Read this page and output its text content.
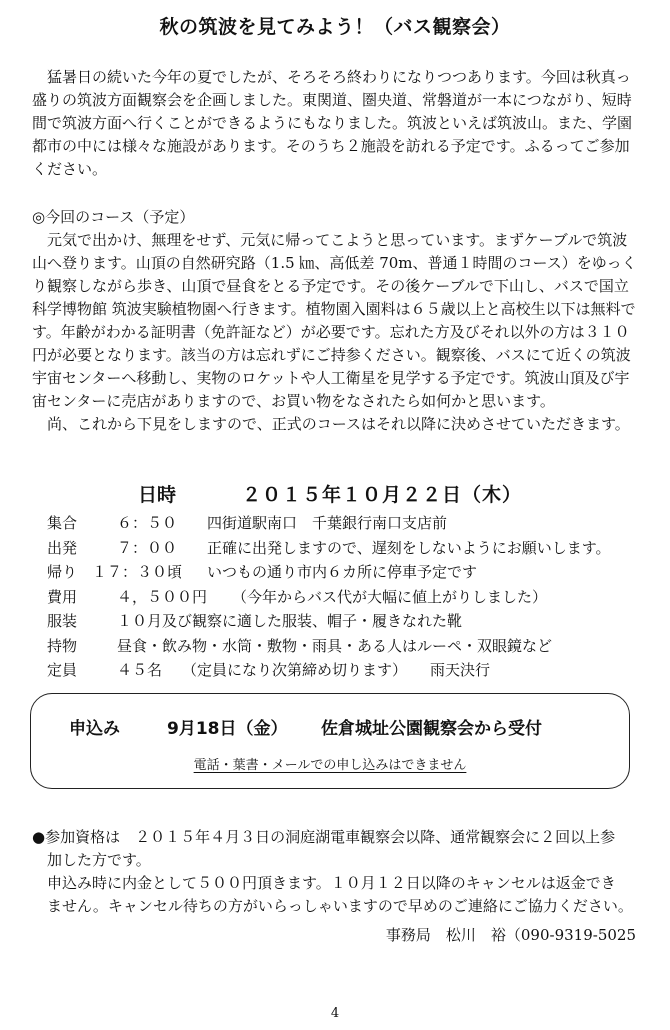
秋の筑波を見てみよう！（バス観察会）

猛暑日の続いた今年の夏でしたが、そろそろ終わりになりつつあります。今回は秋真っ

盛りの筑波方面観察会を企画しました。東関道、圏央道、常磐道が一本につながり、短時

間で筑波方面へ行くことができるようにもなりました。筑波といえば筑波山。また、学園

都市の中には様々な施設があります。そのうち２施設を訪れる予定です。ふるってご参加

ください。

◎今回のコース（予定）

元気で出かけ、無理をせず、元気に帰ってこようと思っています。まずケーブルで筑波

山へ登ります。山頂の自然研究路（1.5 ㎞、高低差 70m、普通１時間のコース）をゆっく

り観察しながら歩き、山頂で昼食をとる予定です。その後ケーブルで下山し、バスで国立

科学博物館 筑波実験植物園へ行きます。植物園入園料は６５歳以上と高校生以下は無料で

す。年齢がわかる証明書（免許証など）が必要です。忘れた方及びそれ以外の方は３１０

円が必要となります。該当の方は忘れずにご持参ください。観察後、バスにて近くの筑波

宇宙センターへ移動し、実物のロケットや人工衛星を見学する予定です。筑波山頂及び宇

宙センターに売店がありますので、お買い物をなされたら如何かと思います。

尚、これから下見をしますので、正式のコースはそれ以降に決めさせていただきます。

日時	２０１５年１０月２２日（木）
集合	６：５０ 四街道駅南口　千葉銀行南口支店前
出発	７：００ 正確に出発しますので、遅刻をしないようにお願いします。
帰り １７：３０頃 いつもの通り市内６カ所に停車予定です
費用	４，５００円 （今年からバス代が大幅に値上がりしました）
服装	１０月及び観察に適した服装、帽子・履きなれた靴
持物	昼食・飲み物・水筒・敷物・雨具・ある人はルーペ・双眼鏡など
定員	４５名 （定員になり次第締め切ります） 雨天決行
申込み	9月18日（金） 佐倉城址公園観察会から受付
電話・葉書・メールでの申し込みはできません

●参加資格は　２０１５年４月３日の洞庭湖電車観察会以降、通常観察会に２回以上参

加した方です。

申込み時に内金として５００円頂きます。１０月１２日以降のキャンセルは返金でき

ません。キャンセル待ちの方がいらっしゃいますので早めのご連絡にご協力ください。

事務局　松川　裕（090-9319-5025
4
